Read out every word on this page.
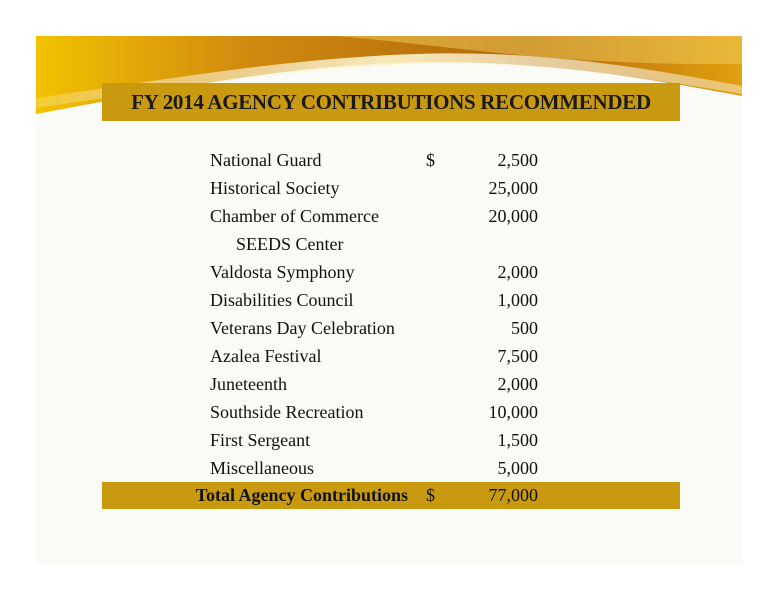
FY 2014 AGENCY CONTRIBUTIONS RECOMMENDED
National Guard	$	2,500
Historical Society	25,000
Chamber of Commerce	20,000
SEEDS Center
Valdosta Symphony	2,000
Disabilities Council	1,000
Veterans Day Celebration	500
Azalea Festival	7,500
Juneteenth	2,000
Southside Recreation	10,000
First Sergeant	1,500
Miscellaneous	5,000
Total Agency Contributions $	77,000
